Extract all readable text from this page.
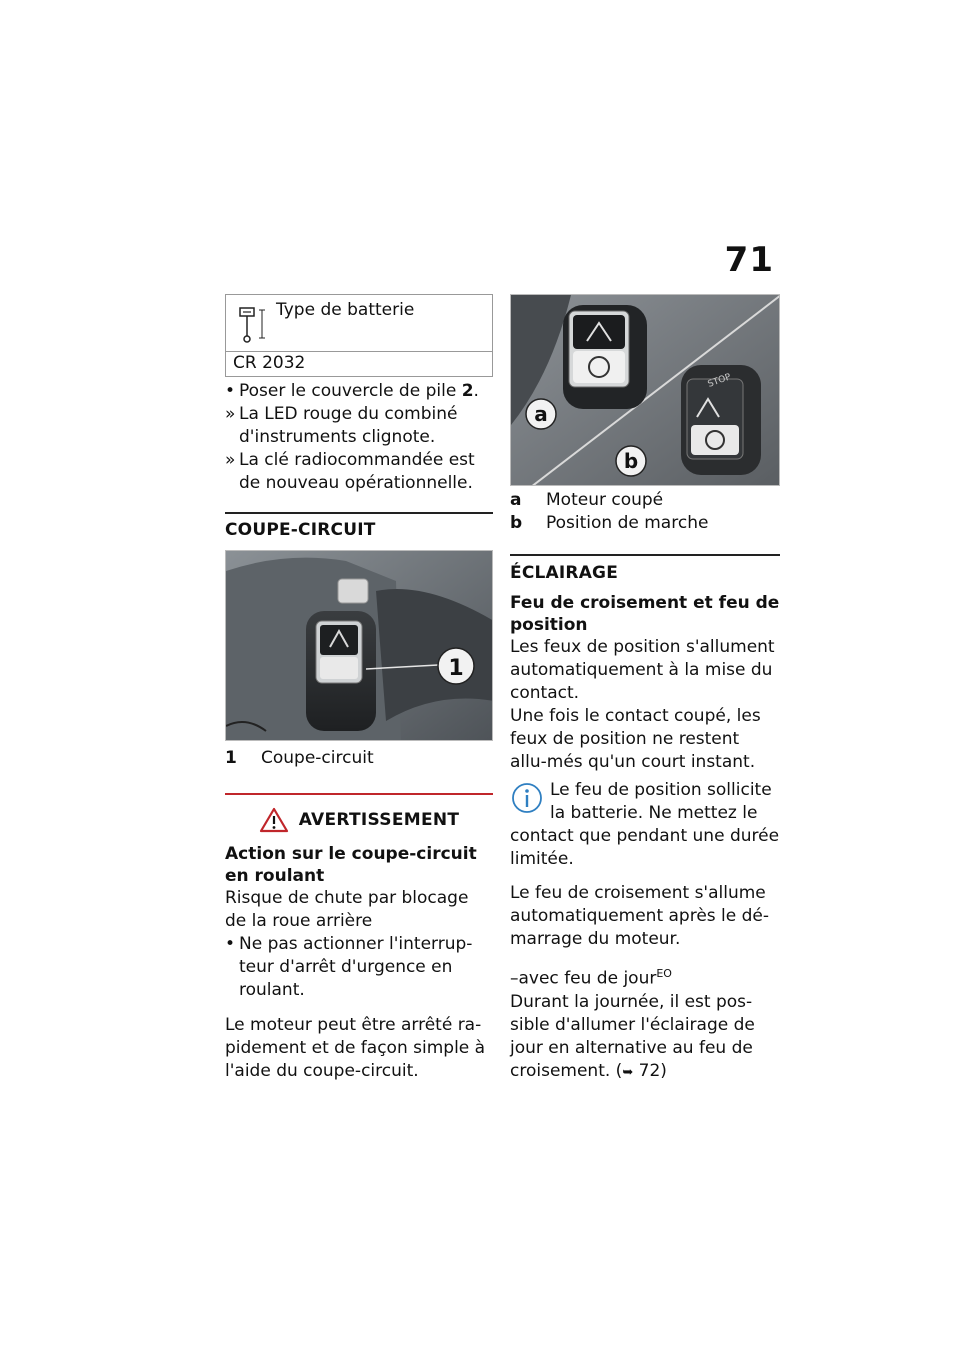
71
Type de batterie
CR 2032
• Poser le couvercle de pile 2.
» La LED rouge du combiné d'instruments clignote.
» La clé radiocommandée est de nouveau opérationnelle.
COUPE-CIRCUIT
1
1	Coupe-circuit
AVERTISSEMENT
Action sur le coupe-circuit en roulant
Risque de chute par blocage de la roue arrière
• Ne pas actionner l'interrup-teur d'arrêt d'urgence en roulant.
Le moteur peut être arrêté ra-pidement et de façon simple à l'aide du coupe-circuit.
STOP
a
b
a	Moteur coupé
b	Position de marche
ÉCLAIRAGE
Feu de croisement et feu de position
Les feux de position s'allument automatiquement à la mise du contact.
Une fois le contact coupé, les feux de position ne restent allu-més qu'un court instant.
Le feu de position sollicite la batterie. Ne mettez le contact que pendant une durée limitée.
Le feu de croisement s'allume automatiquement après le dé-marrage du moteur.
–avec feu de jour$^{EO}$
Durant la journée, il est pos-sible d'allumer l'éclairage de jour en alternative au feu de croisement. (➥ 72)
